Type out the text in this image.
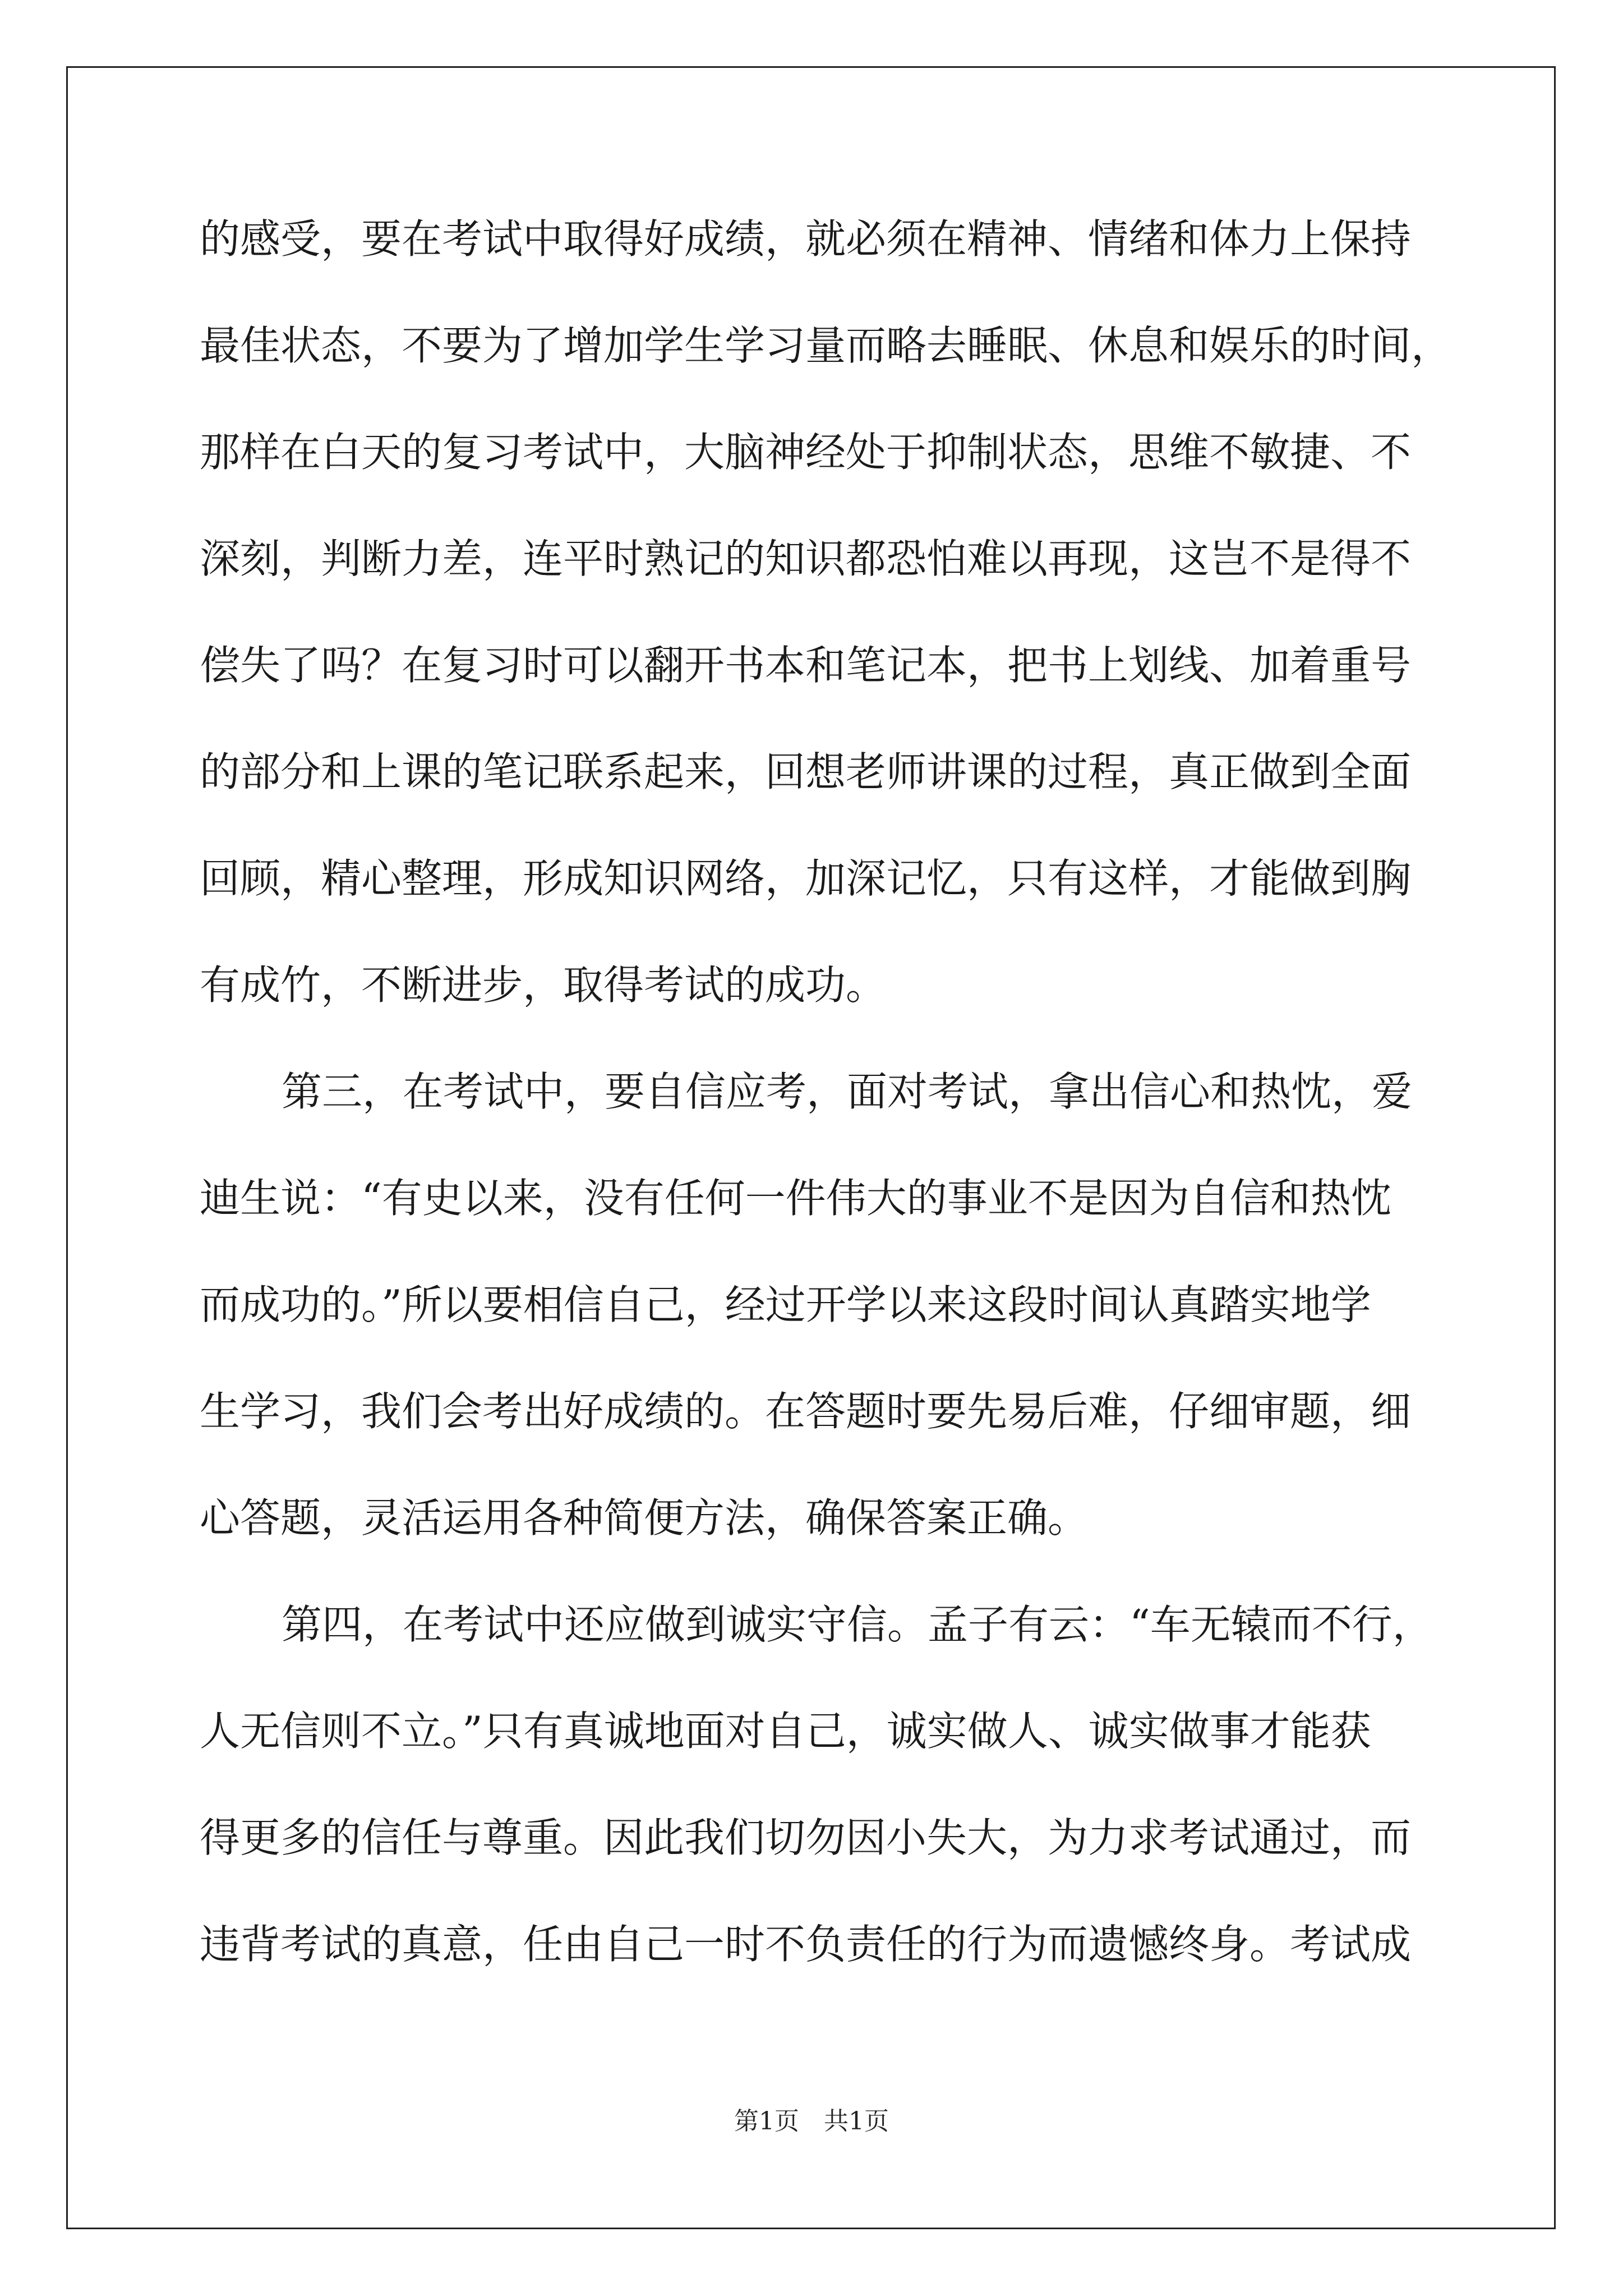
的感受，要在考试中取得好成绩，就必须在精神、情绪和体力上保持
最佳状态，不要为了增加学生学习量而略去睡眠、休息和娱乐的时间，
那样在白天的复习考试中，大脑神经处于抑制状态，思维不敏捷、不
深刻，判断力差，连平时熟记的知识都恐怕难以再现，这岂不是得不
偿失了吗？在复习时可以翻开书本和笔记本，把书上划线、加着重号
的部分和上课的笔记联系起来，回想老师讲课的过程，真正做到全面
回顾，精心整理，形成知识网络，加深记忆，只有这样，才能做到胸
有成竹，不断进步，取得考试的成功。
第三，在考试中，要自信应考，面对考试，拿出信心和热忱，爱
迪生说：“有史以来，没有任何一件伟大的事业不是因为自信和热忱
而成功的。”所以要相信自己，经过开学以来这段时间认真踏实地学
生学习，我们会考出好成绩的。在答题时要先易后难，仔细审题，细
心答题，灵活运用各种简便方法，确保答案正确。
第四，在考试中还应做到诚实守信。孟子有云：“车无辕而不行，
人无信则不立。”只有真诚地面对自己，诚实做人、诚实做事才能获
得更多的信任与尊重。因此我们切勿因小失大，为力求考试通过，而
违背考试的真意，任由自己一时不负责任的行为而遗憾终身。考试成
第1页　共1页
